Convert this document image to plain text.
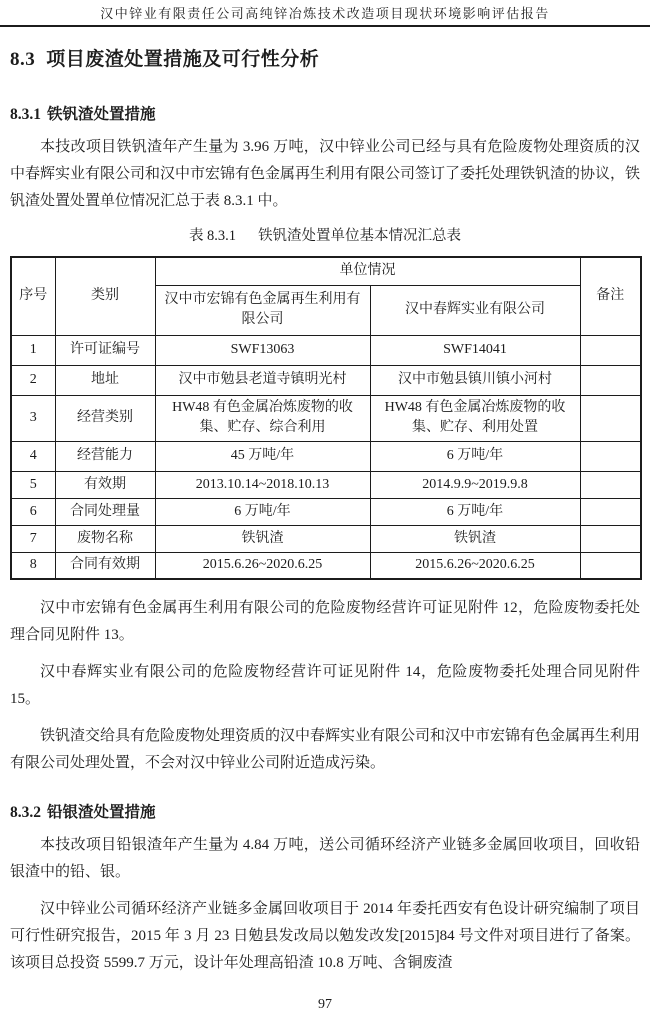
汉中锌业有限责任公司高纯锌冶炼技术改造项目现状环境影响评估报告
8.3 项目废渣处置措施及可行性分析
8.3.1 铁钒渣处置措施

本技改项目铁钒渣年产生量为 3.96 万吨，汉中锌业公司已经与具有危险废物处理资质的汉中春辉实业有限公司和汉中市宏锦有色金属再生利用有限公司签订了委托处理铁钒渣的协议，铁钒渣处置处置单位情况汇总于表 8.3.1 中。

表 8.3.1 铁钒渣处置单位基本情况汇总表
序号	类别	单位情况		备注
		汉中市宏锦有色金属再生利用有限公司	汉中春辉实业有限公司	
1	许可证编号	SWF13063	SWF14041	
2	地址	汉中市勉县老道寺镇明光村	汉中市勉县镇川镇小河村	
3	经营类别	HW48 有色金属冶炼废物的收集、贮存、综合利用	HW48 有色金属冶炼废物的收集、贮存、利用处置	
4	经营能力	45 万吨/年	6 万吨/年	
5	有效期	2013.10.14~2018.10.13	2014.9.9~2019.9.8	
6	合同处理量	6 万吨/年	6 万吨/年	
7	废物名称	铁钒渣	铁钒渣	
8	合同有效期	2015.6.26~2020.6.25	2015.6.26~2020.6.25	

汉中市宏锦有色金属再生利用有限公司的危险废物经营许可证见附件 12，危险废物委托处理合同见附件 13。

汉中春辉实业有限公司的危险废物经营许可证见附件 14，危险废物委托处理合同见附件 15。

铁钒渣交给具有危险废物处理资质的汉中春辉实业有限公司和汉中市宏锦有色金属再生利用有限公司处理处置，不会对汉中锌业公司附近造成污染。

8.3.2 铅银渣处置措施

本技改项目铅银渣年产生量为 4.84 万吨，送公司循环经济产业链多金属回收项目，回收铅银渣中的铅、银。

汉中锌业公司循环经济产业链多金属回收项目于 2014 年委托西安有色设计研究编制了项目可行性研究报告，2015 年 3 月 23 日勉县发改局以勉发改发[2015]84 号文件对项目进行了备案。该项目总投资 5599.7 万元，设计年处理高铅渣 10.8 万吨、含铜废渣

97
